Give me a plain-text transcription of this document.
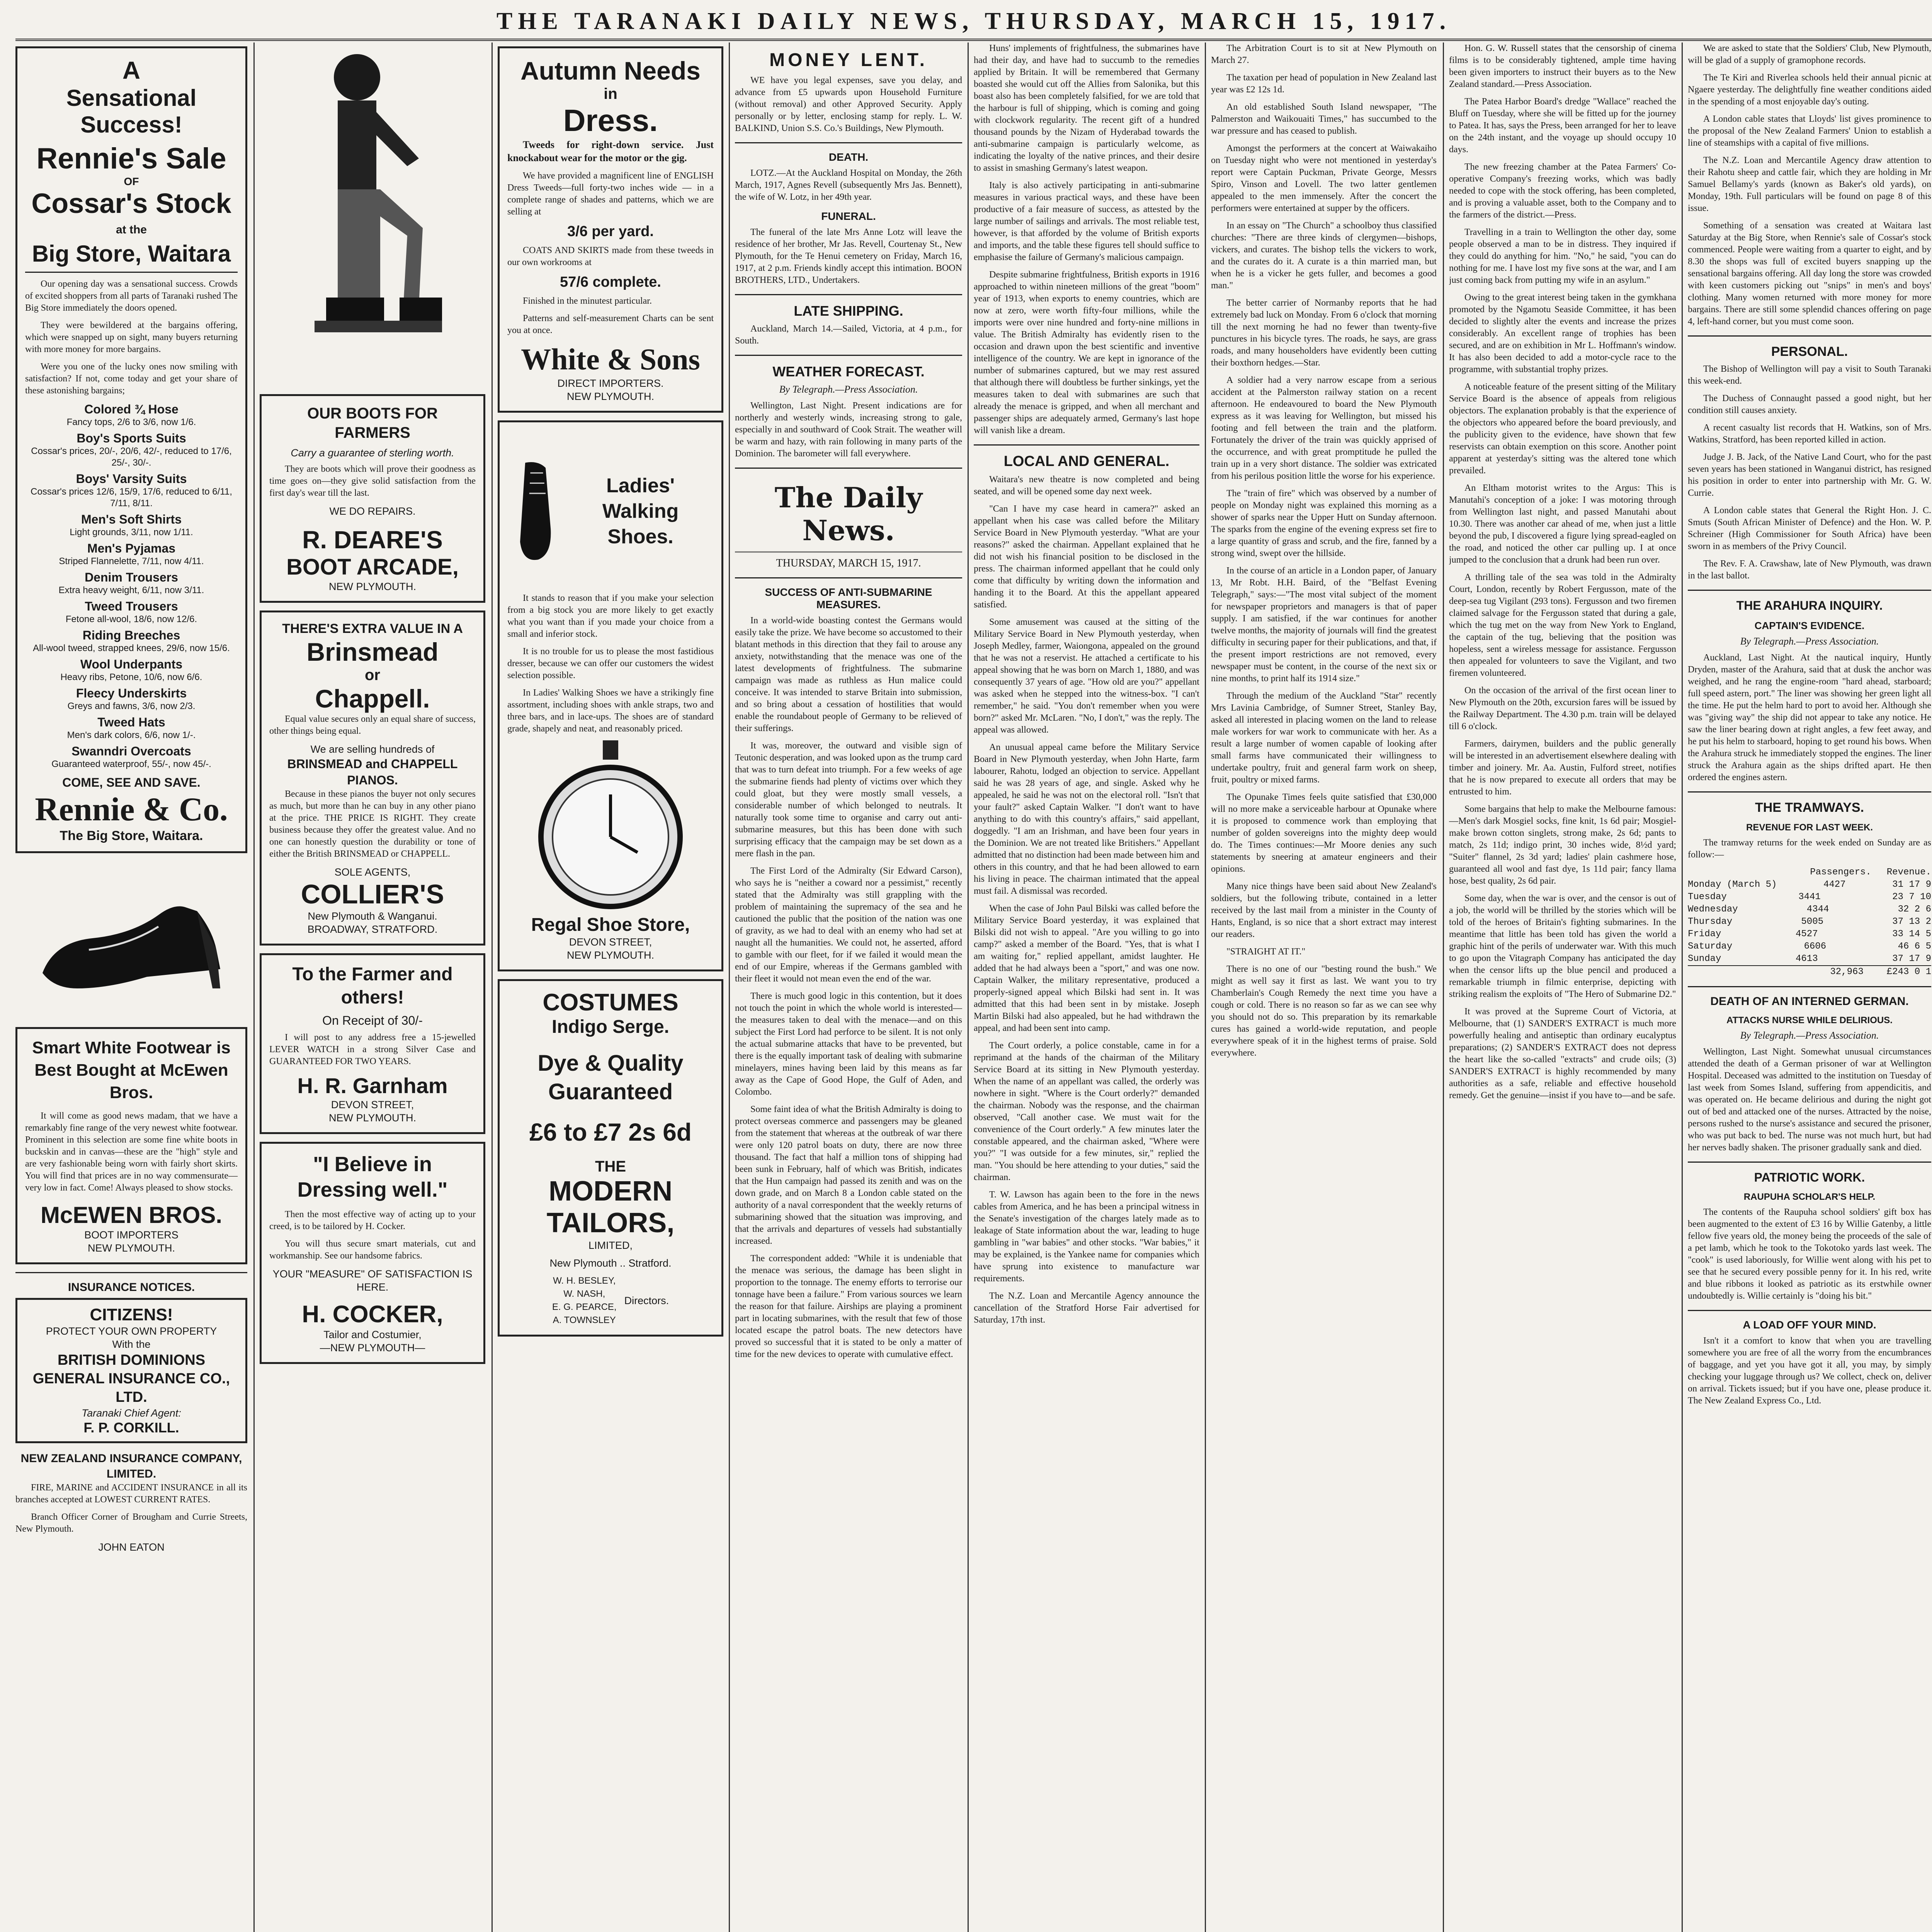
THE TARANAKI DAILY NEWS, THURSDAY, MARCH 15, 1917.
A
Sensational
Success!
Rennie's Sale
OF
Cossar's Stock
at the
Big Store, Waitara

Our opening day was a sensational success. Crowds of excited shoppers from all parts of Taranaki rushed The Big Store immediately the doors opened.

They were bewildered at the bargains offering, which were snapped up on sight, many buyers returning with more money for more bargains.

Were you one of the lucky ones now smiling with satisfaction? If not, come today and get your share of these astonishing bargains;

Colored ¾ Hose
Fancy tops, 2/6 to 3/6, now 1/6.
Boy's Sports Suits
Cossar's prices, 20/-, 20/6, 42/-, reduced to 17/6, 25/-, 30/-.
Boys' Varsity Suits
Cossar's prices 12/6, 15/9, 17/6, reduced to 6/11, 7/11, 8/11.
Men's Soft Shirts
Light grounds, 3/11, now 1/11.
Men's Pyjamas
Striped Flannelette, 7/11, now 4/11.
Denim Trousers
Extra heavy weight, 6/11, now 3/11.
Tweed Trousers
Fetone all-wool, 18/6, now 12/6.
Riding Breeches
All-wool tweed, strapped knees, 29/6, now 15/6.
Wool Underpants
Heavy ribs, Petone, 10/6, now 6/6.
Fleecy Underskirts
Greys and fawns, 3/6, now 2/3.
Tweed Hats
Men's dark colors, 6/6, now 1/-.
Swanndri Overcoats
Guaranteed waterproof, 55/-, now 45/-.
COME, SEE AND SAVE.
Rennie & Co.
The Big Store, Waitara.
Smart White Footwear is Best Bought at McEwen Bros.

It will come as good news madam, that we have a remarkably fine range of the very newest white footwear. Prominent in this selection are some fine white boots in buckskin and in canvas—these are the "high" style and are very fashionable being worn with fairly short skirts. You will find that prices are in no way commensurate—very low in fact. Come! Always pleased to show stocks.

McEWEN BROS.
BOOT IMPORTERS
NEW PLYMOUTH.
INSURANCE NOTICES.
CITIZENS!
PROTECT YOUR OWN PROPERTY
With the
BRITISH DOMINIONS GENERAL INSURANCE CO., LTD.
Taranaki Chief Agent:
F. P. CORKILL.
NEW ZEALAND INSURANCE COMPANY, LIMITED.

FIRE, MARINE and ACCIDENT INSURANCE in all its branches accepted at LOWEST CURRENT RATES.

Branch Officer Corner of Brougham and Currie Streets, New Plymouth.

JOHN EATON
OUR BOOTS FOR FARMERS
Carry a guarantee of sterling worth.

They are boots which will prove their goodness as time goes on—they give solid satisfaction from the first day's wear till the last.

WE DO REPAIRS.
R. DEARE'S
BOOT ARCADE,
NEW PLYMOUTH.
THERE'S EXTRA VALUE IN A
Brinsmead
or
Chappell.

Equal value secures only an equal share of success, other things being equal.

We are selling hundreds of
BRINSMEAD and CHAPPELL PIANOS.

Because in these pianos the buyer not only secures as much, but more than he can buy in any other piano at the price. THE PRICE IS RIGHT. They create business because they offer the greatest value. And no one can honestly question the durability or tone of either the British BRINSMEAD or CHAPPELL.

SOLE AGENTS,
COLLIER'S
New Plymouth & Wanganui.
BROADWAY, STRATFORD.
To the Farmer and others!
On Receipt of 30/-

I will post to any address free a 15-jewelled LEVER WATCH in a strong Silver Case and GUARANTEED FOR TWO YEARS.

H. R. Garnham
DEVON STREET,
NEW PLYMOUTH.
"I Believe in Dressing well."

Then the most effective way of acting up to your creed, is to be tailored by H. Cocker.

You will thus secure smart materials, cut and workmanship. See our handsome fabrics.

YOUR "MEASURE" OF SATISFACTION IS HERE.
H. COCKER,
Tailor and Costumier,
—NEW PLYMOUTH—
Autumn Needs
in
Dress.

Tweeds for right-down service. Just knockabout wear for the motor or the gig.

We have provided a magnificent line of ENGLISH Dress Tweeds—full forty-two inches wide — in a complete range of shades and patterns, which we are selling at

3/6 per yard.

COATS AND SKIRTS made from these tweeds in our own workrooms at

57/6 complete.

Finished in the minutest particular.

Patterns and self-measurement Charts can be sent you at once.

White & Sons
DIRECT IMPORTERS.
NEW PLYMOUTH.
Ladies' Walking Shoes.

It stands to reason that if you make your selection from a big stock you are more likely to get exactly what you want than if you made your choice from a small and inferior stock.

It is no trouble for us to please the most fastidious dresser, because we can offer our customers the widest selection possible.

In Ladies' Walking Shoes we have a strikingly fine assortment, including shoes with ankle straps, two and three bars, and in lace-ups. The shoes are of standard grade, shapely and neat, and reasonably priced.

Regal Shoe Store,
DEVON STREET,
NEW PLYMOUTH.
COSTUMES
Indigo Serge.
Dye & Quality Guaranteed
£6 to £7 2s 6d
THE
MODERN
TAILORS,
LIMITED,
New Plymouth .. Stratford.
W. H. BESLEY,
W. NASH,
E. G. PEARCE,
A. TOWNSLEY
Directors.
MONEY LENT.

WE have you legal expenses, save you delay, and advance from £5 upwards upon Household Furniture (without removal) and other Approved Security. Apply personally or by letter, enclosing stamp for reply. L. W. BALKIND, Union S.S. Co.'s Buildings, New Plymouth.

DEATH.

LOTZ.—At the Auckland Hospital on Monday, the 26th March, 1917, Agnes Revell (subsequently Mrs Jas. Bennett), the wife of W. Lotz, in her 49th year.

FUNERAL.

The funeral of the late Mrs Anne Lotz will leave the residence of her brother, Mr Jas. Revell, Courtenay St., New Plymouth, for the Te Henui cemetery on Friday, March 16, 1917, at 2 p.m. Friends kindly accept this intimation. BOON BROTHERS, LTD., Undertakers.

LATE SHIPPING.

Auckland, March 14.—Sailed, Victoria, at 4 p.m., for South.

WEATHER FORECAST.
By Telegraph.—Press Association.

Wellington, Last Night. Present indications are for northerly and westerly winds, increasing strong to gale, especially in and southward of Cook Strait. The weather will be warm and hazy, with rain following in many parts of the Dominion. The barometer will fall everywhere.

The Daily News.
THURSDAY, MARCH 15, 1917.
SUCCESS OF ANTI-SUBMARINE MEASURES.

In a world-wide boasting contest the Germans would easily take the prize. We have become so accustomed to their blatant methods in this direction that they fail to arouse any anxiety, notwithstanding that the menace was one of the latest developments of frightfulness. The submarine campaign was made as ruthless as Hun malice could conceive. It was intended to starve Britain into submission, and so bring about a cessation of hostilities that would enable the roundabout people of Germany to be relieved of their sufferings.

It was, moreover, the outward and visible sign of Teutonic desperation, and was looked upon as the trump card that was to turn defeat into triumph. For a few weeks of age the submarine fiends had plenty of victims over which they could gloat, but they were mostly small vessels, a considerable number of which belonged to neutrals. It naturally took some time to organise and carry out anti-submarine measures, but this has been done with such surprising efficacy that the campaign may be set down as a mere flash in the pan.

The First Lord of the Admiralty (Sir Edward Carson), who says he is "neither a coward nor a pessimist," recently stated that the Admiralty was still grappling with the problem of maintaining the supremacy of the sea and he cautioned the public that the position of the nation was one of gravity, as we had to deal with an enemy who had set at naught all the humanities. We could not, he asserted, afford to gamble with our fleet, for if we failed it would mean the end of our Empire, whereas if the Germans gambled with their fleet it would not mean even the end of the war.

There is much good logic in this contention, but it does not touch the point in which the whole world is interested—the measures taken to deal with the menace—and on this subject the First Lord had perforce to be silent. It is not only the actual submarine attacks that have to be prevented, but there is the equally important task of dealing with submarine minelayers, mines having been laid by this means as far away as the Cape of Good Hope, the Gulf of Aden, and Colombo.

Some faint idea of what the British Admiralty is doing to protect overseas commerce and passengers may be gleaned from the statement that whereas at the outbreak of war there were only 120 patrol boats on duty, there are now three thousand. The fact that half a million tons of shipping had been sunk in February, half of which was British, indicates that the Hun campaign had passed its zenith and was on the down grade, and on March 8 a London cable stated on the authority of a naval correspondent that the weekly returns of submarining showed that the situation was improving, and that the arrivals and departures of vessels had substantially increased.

The correspondent added: "While it is undeniable that the menace was serious, the damage has been slight in proportion to the tonnage. The enemy efforts to terrorise our tonnage have been a failure." From various sources we learn the reason for that failure. Airships are playing a prominent part in locating submarines, with the result that few of those located escape the patrol boats. The new detectors have proved so successful that it is stated to be only a matter of time for the new devices to operate with cumulative effect.

Huns' implements of frightfulness, the submarines have had their day, and have had to succumb to the remedies applied by Britain. It will be remembered that Germany boasted she would cut off the Allies from Salonika, but this boast also has been completely falsified, for we are told that the harbour is full of shipping, which is coming and going with clockwork regularity. The recent gift of a hundred thousand pounds by the Nizam of Hyderabad towards the anti-submarine campaign is particularly welcome, as indicating the loyalty of the native princes, and their desire to assist in smashing Germany's latest weapon.

Italy is also actively participating in anti-submarine measures in various practical ways, and these have been productive of a fair measure of success, as attested by the large number of sailings and arrivals. The most reliable test, however, is that afforded by the volume of British exports and imports, and the table these figures tell should suffice to emphasise the failure of Germany's malicious campaign.

Despite submarine frightfulness, British exports in 1916 approached to within nineteen millions of the great "boom" year of 1913, when exports to enemy countries, which are now at zero, were worth fifty-four millions, while the imports were over nine hundred and forty-nine millions in value. The British Admiralty has evidently risen to the occasion and drawn upon the best scientific and inventive intelligence of the country. We are kept in ignorance of the number of submarines captured, but we may rest assured that although there will doubtless be further sinkings, yet the measures taken to deal with submarines are such that already the menace is gripped, and when all merchant and passenger ships are adequately armed, Germany's last hope will vanish like a dream.

LOCAL AND GENERAL.

Waitara's new theatre is now completed and being seated, and will be opened some day next week.

"Can I have my case heard in camera?" asked an appellant when his case was called before the Military Service Board in New Plymouth yesterday. "What are your reasons?" asked the chairman. Appellant explained that he did not wish his financial position to be disclosed in the press. The chairman informed appellant that he could only come that difficulty by writing down the information and handing it to the Board. At this the appellant appeared satisfied.

Some amusement was caused at the sitting of the Military Service Board in New Plymouth yesterday, when Joseph Medley, farmer, Waiongona, appealed on the ground that he was not a reservist. He attached a certificate to his appeal showing that he was born on March 1, 1880, and was consequently 37 years of age. "How old are you?" appellant was asked when he stepped into the witness-box. "I can't remember," he said. "You don't remember when you were born?" asked Mr. McLaren. "No, I don't," was the reply. The appeal was allowed.

An unusual appeal came before the Military Service Board in New Plymouth yesterday, when John Harte, farm labourer, Rahotu, lodged an objection to service. Appellant said he was 28 years of age, and single. Asked why he appealed, he said he was not on the electoral roll. "Isn't that your fault?" asked Captain Walker. "I don't want to have anything to do with this country's affairs," said appellant, doggedly. "I am an Irishman, and have been four years in the Dominion. We are not treated like Britishers." Appellant admitted that no distinction had been made between him and others in this country, and that he had been allowed to earn his living in peace. The chairman intimated that the appeal must fail. A dismissal was recorded.

When the case of John Paul Bilski was called before the Military Service Board yesterday, it was explained that Bilski did not wish to appeal. "Are you willing to go into camp?" asked a member of the Board. "Yes, that is what I am waiting for," replied appellant, amidst laughter. He added that he had always been a "sport," and was one now. Captain Walker, the military representative, produced a properly-signed appeal which Bilski had sent in. It was admitted that this had been sent in by mistake. Joseph Martin Bilski had also appealed, but he had withdrawn the appeal, and had been sent into camp.

The Court orderly, a police constable, came in for a reprimand at the hands of the chairman of the Military Service Board at its sitting in New Plymouth yesterday. When the name of an appellant was called, the orderly was nowhere in sight. "Where is the Court orderly?" demanded the chairman. Nobody was the response, and the chairman observed, "Call another case. We must wait for the convenience of the Court orderly." A few minutes later the constable appeared, and the chairman asked, "Where were you?" "I was outside for a few minutes, sir," replied the man. "You should be here attending to your duties," said the chairman.

T. W. Lawson has again been to the fore in the news cables from America, and he has been a principal witness in the Senate's investigation of the charges lately made as to leakage of State information about the war, leading to huge gambling in "war babies" and other stocks. "War babies," it may be explained, is the Yankee name for companies which have sprung into existence to manufacture war requirements.

The N.Z. Loan and Mercantile Agency announce the cancellation of the Stratford Horse Fair advertised for Saturday, 17th inst.

The Arbitration Court is to sit at New Plymouth on March 27.

The taxation per head of population in New Zealand last year was £2 12s 1d.

An old established South Island newspaper, "The Palmerston and Waikouaiti Times," has succumbed to the war pressure and has ceased to publish.

Amongst the performers at the concert at Waiwakaiho on Tuesday night who were not mentioned in yesterday's report were Captain Puckman, Private George, Messrs Spiro, Vinson and Lovell. The two latter gentlemen appealed to the men immensely. After the concert the performers were entertained at supper by the officers.

In an essay on "The Church" a schoolboy thus classified churches: "There are three kinds of clergymen—bishops, vickers, and curates. The bishop tells the vickers to work, and the curates do it. A curate is a thin married man, but when he is a vicker he gets fuller, and becomes a good man."

The better carrier of Normanby reports that he had extremely bad luck on Monday. From 6 o'clock that morning till the next morning he had no fewer than twenty-five punctures in his bicycle tyres. The roads, he says, are grass roads, and many householders have evidently been cutting their boxthorn hedges.—Star.

A soldier had a very narrow escape from a serious accident at the Palmerston railway station on a recent afternoon. He endeavoured to board the New Plymouth express as it was leaving for Wellington, but missed his footing and fell between the train and the platform. Fortunately the driver of the train was quickly apprised of the occurrence, and with great promptitude he pulled the train up in a very short distance. The soldier was extricated from his perilous position little the worse for his experience.

The "train of fire" which was observed by a number of people on Monday night was explained this morning as a shower of sparks near the Upper Hutt on Sunday afternoon. The sparks from the engine of the evening express set fire to a large quantity of grass and scrub, and the fire, fanned by a strong wind, swept over the hillside.

In the course of an article in a London paper, of January 13, Mr Robt. H.H. Baird, of the "Belfast Evening Telegraph," says:—"The most vital subject of the moment for newspaper proprietors and managers is that of paper supply. I am satisfied, if the war continues for another twelve months, the majority of journals will find the greatest difficulty in securing paper for their publications, and that, if the present import restrictions are not removed, every newspaper must be content, in the course of the next six or nine months, to print half its 1914 size."

Through the medium of the Auckland "Star" recently Mrs Lavinia Cambridge, of Sumner Street, Stanley Bay, asked all interested in placing women on the land to release male workers for war work to communicate with her. As a result a large number of women capable of looking after small farms have communicated their willingness to undertake poultry, fruit and general farm work on sheep, fruit, poultry or mixed farms.

The Opunake Times feels quite satisfied that £30,000 will no more make a serviceable harbour at Opunake where it is proposed to commence work than employing that number of golden sovereigns into the mighty deep would do. The Times continues:—Mr Moore denies any such statements by sneering at amateur engineers and their opinions.

Many nice things have been said about New Zealand's soldiers, but the following tribute, contained in a letter received by the last mail from a minister in the County of Hants, England, is so nice that a short extract may interest our readers.

"STRAIGHT AT IT."

There is no one of our "besting round the bush." We might as well say it first as last. We want you to try Chamberlain's Cough Remedy the next time you have a cough or cold. There is no reason so far as we can see why you should not do so. This preparation by its remarkable cures has gained a world-wide reputation, and people everywhere speak of it in the highest terms of praise. Sold everywhere.

Hon. G. W. Russell states that the censorship of cinema films is to be considerably tightened, ample time having been given importers to instruct their buyers as to the New Zealand standard.—Press Association.

The Patea Harbor Board's dredge "Wallace" reached the Bluff on Tuesday, where she will be fitted up for the journey to Patea. It has, says the Press, been arranged for her to leave on the 24th instant, and the voyage up should occupy 10 days.

The new freezing chamber at the Patea Farmers' Co-operative Company's freezing works, which was badly needed to cope with the stock offering, has been completed, and is proving a valuable asset, both to the Company and to the farmers of the district.—Press.

Travelling in a train to Wellington the other day, some people observed a man to be in distress. They inquired if they could do anything for him. "No," he said, "you can do nothing for me. I have lost my five sons at the war, and I am just coming back from putting my wife in an asylum."

Owing to the great interest being taken in the gymkhana promoted by the Ngamotu Seaside Committee, it has been decided to slightly alter the events and increase the prizes considerably. An excellent range of trophies has been secured, and are on exhibition in Mr L. Hoffmann's window. It has also been decided to add a motor-cycle race to the programme, with substantial trophy prizes.

A noticeable feature of the present sitting of the Military Service Board is the absence of appeals from religious objectors. The explanation probably is that the experience of the objectors who appeared before the board previously, and the publicity given to the evidence, have shown that few reservists can obtain exemption on this score. Another point apparent at yesterday's sitting was the altered tone which prevailed.

An Eltham motorist writes to the Argus: This is Manutahi's conception of a joke: I was motoring through from Wellington last night, and passed Manutahi about 10.30. There was another car ahead of me, when just a little beyond the pub, I discovered a figure lying spread-eagled on the road, and noticed the other car pulling up. I at once jumped to the conclusion that a drunk had been run over.

A thrilling tale of the sea was told in the Admiralty Court, London, recently by Robert Fergusson, mate of the deep-sea tug Vigilant (293 tons). Fergusson and two firemen claimed salvage for the Fergusson stated that during a gale, which the tug met on the way from New York to England, the captain of the tug, believing that the position was hopeless, sent a wireless message for assistance. Fergusson then appealed for volunteers to save the Vigilant, and two firemen volunteered.

On the occasion of the arrival of the first ocean liner to New Plymouth on the 20th, excursion fares will be issued by the Railway Department. The 4.30 p.m. train will be delayed till 6 o'clock.

Farmers, dairymen, builders and the public generally will be interested in an advertisement elsewhere dealing with timber and joinery. Mr. Aa. Austin, Fulford street, notifies that he is now prepared to execute all orders that may be entrusted to him.

Some bargains that help to make the Melbourne famous:—Men's dark Mosgiel socks, fine knit, 1s 6d pair; Mosgiel-make brown cotton singlets, strong make, 2s 6d; pants to match, 2s 11d; indigo print, 30 inches wide, 8½d yard; "Suiter" flannel, 2s 3d yard; ladies' plain cashmere hose, guaranteed all wool and fast dye, 1s 11d pair; fancy llama hose, best quality, 2s 6d pair.

Some day, when the war is over, and the censor is out of a job, the world will be thrilled by the stories which will be told of the heroes of Britain's fighting submarines. In the meantime that little has been told has given the world a graphic hint of the perils of underwater war. With this much to go upon the Vitagraph Company has anticipated the day when the censor lifts up the blue pencil and produced a remarkable triumph in filmic enterprise, depicting with striking realism the exploits of "The Hero of Submarine D2."

It was proved at the Supreme Court of Victoria, at Melbourne, that (1) SANDER'S EXTRACT is much more powerfully healing and antiseptic than ordinary eucalyptus preparations; (2) SANDER'S EXTRACT does not depress the heart like the so-called "extracts" and crude oils; (3) SANDER'S EXTRACT is highly recommended by many authorities as a safe, reliable and effective household remedy. Get the genuine—insist if you have to—and be safe.

We are asked to state that the Soldiers' Club, New Plymouth, will be glad of a supply of gramophone records.

The Te Kiri and Riverlea schools held their annual picnic at Ngaere yesterday. The delightfully fine weather conditions aided in the spending of a most enjoyable day's outing.

A London cable states that Lloyds' list gives prominence to the proposal of the New Zealand Farmers' Union to establish a line of steamships with a capital of five millions.

The N.Z. Loan and Mercantile Agency draw attention to their Rahotu sheep and cattle fair, which they are holding in Mr Samuel Bellamy's yards (known as Baker's old yards), on Monday, 19th. Full particulars will be found on page 8 of this issue.

Something of a sensation was created at Waitara last Saturday at the Big Store, when Rennie's sale of Cossar's stock commenced. People were waiting from a quarter to eight, and by 8.30 the shops was full of excited buyers snapping up the sensational bargains offering. All day long the store was crowded with keen customers picking out "snips" in men's and boys' clothing. Many women returned with more money for more bargains. There are still some splendid chances offering on page 4, left-hand corner, but you must come soon.

PERSONAL.

The Bishop of Wellington will pay a visit to South Taranaki this week-end.

The Duchess of Connaught passed a good night, but her condition still causes anxiety.

A recent casualty list records that H. Watkins, son of Mrs. Watkins, Stratford, has been reported killed in action.

Judge J. B. Jack, of the Native Land Court, who for the past seven years has been stationed in Wanganui district, has resigned his position in order to enter into partnership with Mr. G. W. Currie.

A London cable states that General the Right Hon. J. C. Smuts (South African Minister of Defence) and the Hon. W. P. Schreiner (High Commissioner for South Africa) have been sworn in as members of the Privy Council.

The Rev. F. A. Crawshaw, late of New Plymouth, was drawn in the last ballot.

THE ARAHURA INQUIRY.
CAPTAIN'S EVIDENCE.
By Telegraph.—Press Association.

Auckland, Last Night. At the nautical inquiry, Huntly Dryden, master of the Arahura, said that at dusk the anchor was weighed, and he rang the engine-room "hard ahead, starboard; full speed astern, port." The liner was showing her green light all the time. He put the helm hard to port to avoid her. Although she was "giving way" the ship did not appear to take any notice. He saw the liner bearing down at right angles, a few feet away, and he put his helm to starboard, hoping to get round his bows. When the Arahura struck he immediately stopped the engines. The liner struck the Arahura again as the ships drifted apart. He then ordered the engines astern.

THE TRAMWAYS.
REVENUE FOR LAST WEEK.

The tramway returns for the week ended on Sunday are as follow:—

Passengers. Revenue.
Monday (March 5)	4427	31 17 9
Tuesday	3441	23 7 10
Wednesday	4344	32 2 6
Thursday	5005	37 13 2
Friday	4527	33 14 5
Saturday	6606	46 6 5
Sunday	4613	37 17 9
32,963	£243 0 1
DEATH OF AN INTERNED GERMAN.
ATTACKS NURSE WHILE DELIRIOUS.
By Telegraph.—Press Association.

Wellington, Last Night. Somewhat unusual circumstances attended the death of a German prisoner of war at Wellington Hospital. Deceased was admitted to the institution on Tuesday of last week from Somes Island, suffering from appendicitis, and was operated on. He became delirious and during the night got out of bed and attacked one of the nurses. Attracted by the noise, persons rushed to the nurse's assistance and secured the prisoner, who was put back to bed. The nurse was not much hurt, but had her nerves badly shaken. The prisoner gradually sank and died.

PATRIOTIC WORK.
RAUPUHA SCHOLAR'S HELP.

The contents of the Raupuha school soldiers' gift box has been augmented to the extent of £3 16 by Willie Gatenby, a little fellow five years old, the money being the proceeds of the sale of a pet lamb, which he took to the Tokotoko yards last week. The "cook" is used laboriously, for Willie went along with his pet to see that he secured every possible penny for it. In his red, write and blue ribbons it looked as patriotic as its erstwhile owner undoubtedly is. Willie certainly is "doing his bit."

A LOAD OFF YOUR MIND.

Isn't it a comfort to know that when you are travelling somewhere you are free of all the worry from the encumbrances of baggage, and yet you have got it all, you may, by simply checking your luggage through us? We collect, check on, deliver on arrival. Tickets issued; but if you have one, please produce it. The New Zealand Express Co., Ltd.
